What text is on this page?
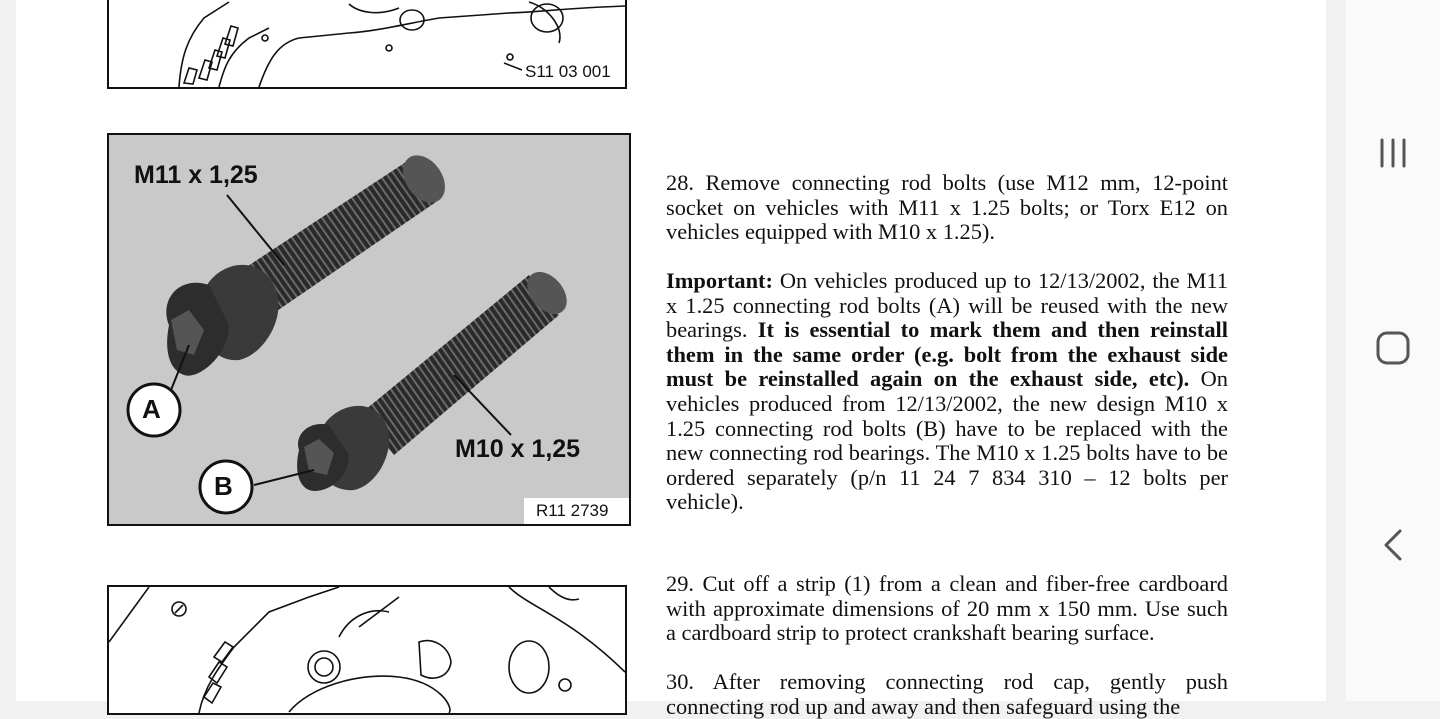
S11 03 001
M11 x 1,25
M10 x 1,25
A
B
R11 2739

28. Remove connecting rod bolts (use M12 mm, 12-point socket on vehicles with M11 x 1.25 bolts; or Torx E12 on vehicles equipped with M10 x 1.25).

Important: On vehicles produced up to 12/13/2002, the M11 x 1.25 connecting rod bolts (A) will be reused with the new bearings. It is essential to mark them and then reinstall them in the same order (e.g. bolt from the exhaust side must be reinstalled again on the exhaust side, etc). On vehicles produced from 12/13/2002, the new design M10 x 1.25 connecting rod bolts (B) have to be replaced with the new connecting rod bearings. The M10 x 1.25 bolts have to be ordered separately (p/n 11 24 7 834 310 – 12 bolts per vehicle).

29. Cut off a strip (1) from a clean and fiber-free cardboard with approximate dimensions of 20 mm x 150 mm. Use such a cardboard strip to protect crankshaft bearing surface.

30. After removing connecting rod cap, gently push connecting rod up and away and then safeguard using the
